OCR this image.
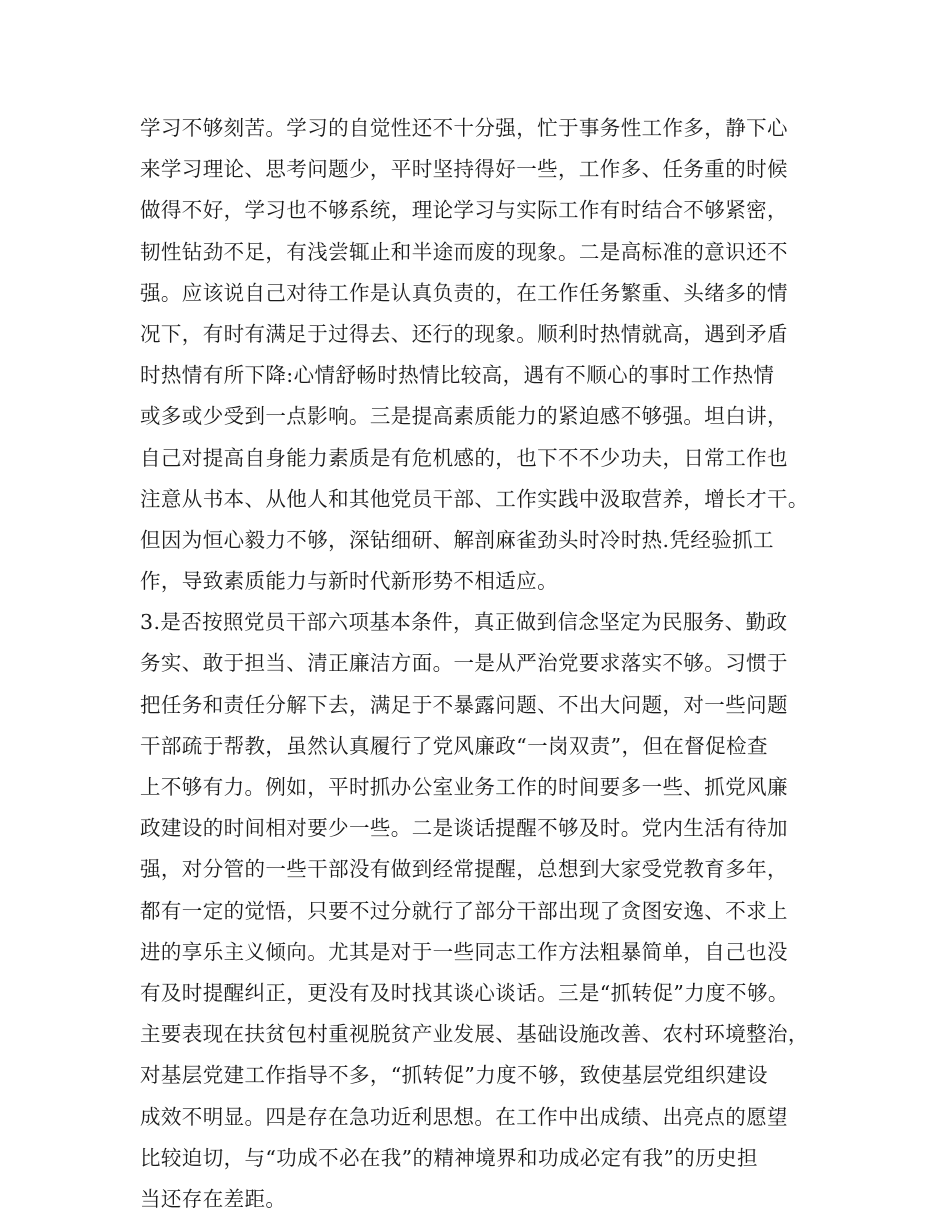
学习不够刻苦。学习的自觉性还不十分强，忙于事务性工作多，静下心
来学习理论、思考问题少，平时坚持得好一些，工作多、任务重的时候
做得不好，学习也不够系统，理论学习与实际工作有时结合不够紧密，
韧性钻劲不足，有浅尝辄止和半途而废的现象。二是高标准的意识还不
强。应该说自己对待工作是认真负责的，在工作任务繁重、头绪多的情
况下，有时有满足于过得去、还行的现象。顺利时热情就高，遇到矛盾
时热情有所下降:心情舒畅时热情比较高，遇有不顺心的事时工作热情
或多或少受到一点影响。三是提高素质能力的紧迫感不够强。坦白讲，
自己对提高自身能力素质是有危机感的，也下不不少功夫，日常工作也
注意从书本、从他人和其他党员干部、工作实践中汲取营养，增长才干。
但因为恒心毅力不够，深钻细研、解剖麻雀劲头时冷时热.凭经验抓工
作，导致素质能力与新时代新形势不相适应。
3.是否按照党员干部六项基本条件，真正做到信念坚定为民服务、勤政
务实、敢于担当、清正廉洁方面。一是从严治党要求落实不够。习惯于
把任务和责任分解下去，满足于不暴露问题、不出大问题，对一些问题
干部疏于帮教，虽然认真履行了党风廉政“一岗双责”，但在督促检查
上不够有力。例如，平时抓办公室业务工作的时间要多一些、抓党风廉
政建设的时间相对要少一些。二是谈话提醒不够及时。党内生活有待加
强，对分管的一些干部没有做到经常提醒，总想到大家受党教育多年，
都有一定的觉悟，只要不过分就行了部分干部出现了贪图安逸、不求上
进的享乐主义倾向。尤其是对于一些同志工作方法粗暴简单，自己也没
有及时提醒纠正，更没有及时找其谈心谈话。三是“抓转促”力度不够。
主要表现在扶贫包村重视脱贫产业发展、基础设施改善、农村环境整治，
对基层党建工作指导不多，“抓转促”力度不够，致使基层党组织建设
成效不明显。四是存在急功近利思想。在工作中出成绩、出亮点的愿望
比较迫切，与“功成不必在我”的精神境界和功成必定有我”的历史担
当还存在差距。
